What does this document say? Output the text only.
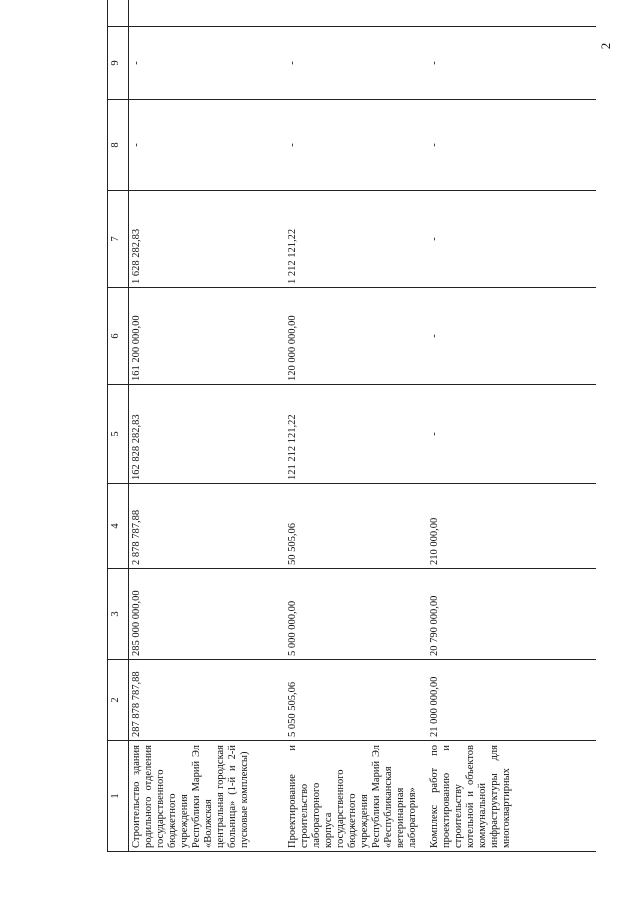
2
1	2	3	4	5	6	7	8	9	
Строительство здания родильного отделения государственного бюджетного учреждения Республики Марий Эл «Волжская центральная городская больница» (1-й и 2-й пусковые комплексы)	287 878 787,88	285 000 000,00	2 878 787,88	162 828 282,83	161 200 000,00	1 628 282,83	-	-	
Проектирование и строительство лабораторного корпуса государственного бюджетного учреждения Республики Марий Эл «Республиканская ветеринарная лаборатория»	5 050 505,06	5 000 000,00	50 505,06	121 212 121,22	120 000 000,00	1 212 121,22	-	-	
Комплекс работ по проектированию и строительству котельной и объектов коммунальной инфраструктуры для многоквартирных	21 000 000,00	20 790 000,00	210 000,00	-	-	-	-	-	
